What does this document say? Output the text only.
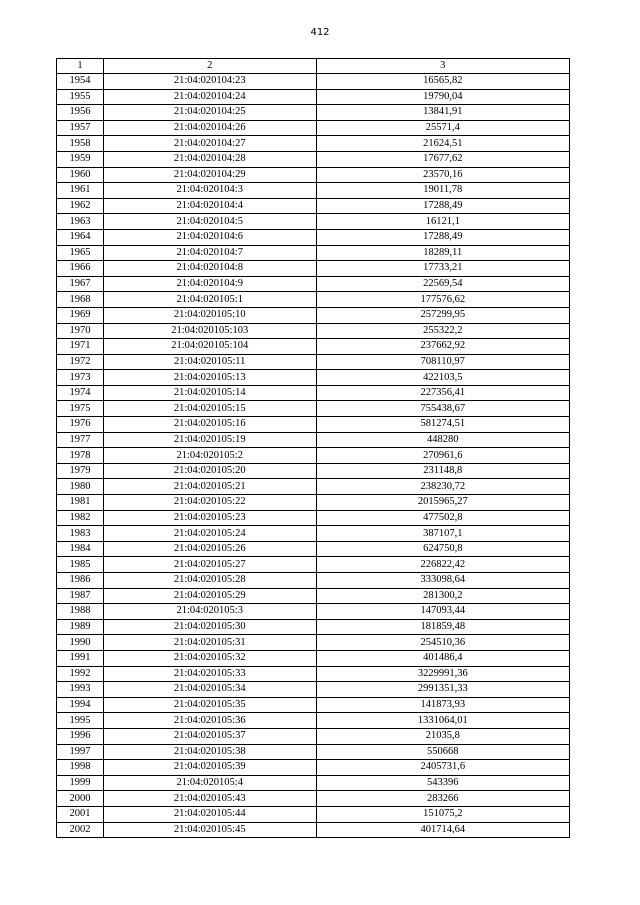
412
1	2	3
1954	21:04:020104:23	16565,82
1955	21:04:020104:24	19790,04
1956	21:04:020104:25	13841,91
1957	21:04:020104:26	25571,4
1958	21:04:020104:27	21624,51
1959	21:04:020104:28	17677,62
1960	21:04:020104:29	23570,16
1961	21:04:020104:3	19011,78
1962	21:04:020104:4	17288,49
1963	21:04:020104:5	16121,1
1964	21:04:020104:6	17288,49
1965	21:04:020104:7	18289,11
1966	21:04:020104:8	17733,21
1967	21:04:020104:9	22569,54
1968	21:04:020105:1	177576,62
1969	21:04:020105:10	257299,95
1970	21:04:020105:103	255322,2
1971	21:04:020105:104	237662,92
1972	21:04:020105:11	708110,97
1973	21:04:020105:13	422103,5
1974	21:04:020105:14	227356,41
1975	21:04:020105:15	755438,67
1976	21:04:020105:16	581274,51
1977	21:04:020105:19	448280
1978	21:04:020105:2	270961,6
1979	21:04:020105:20	231148,8
1980	21:04:020105:21	238230,72
1981	21:04:020105:22	2015965,27
1982	21:04:020105:23	477502,8
1983	21:04:020105:24	387107,1
1984	21:04:020105:26	624750,8
1985	21:04:020105:27	226822,42
1986	21:04:020105:28	333098,64
1987	21:04:020105:29	281300,2
1988	21:04:020105:3	147093,44
1989	21:04:020105:30	181859,48
1990	21:04:020105:31	254510,36
1991	21:04:020105:32	401486,4
1992	21:04:020105:33	3229991,36
1993	21:04:020105:34	2991351,33
1994	21:04:020105:35	141873,93
1995	21:04:020105:36	1331064,01
1996	21:04:020105:37	21035,8
1997	21:04:020105:38	550668
1998	21:04:020105:39	2405731,6
1999	21:04:020105:4	543396
2000	21:04:020105:43	283266
2001	21:04:020105:44	151075,2
2002	21:04:020105:45	401714,64
